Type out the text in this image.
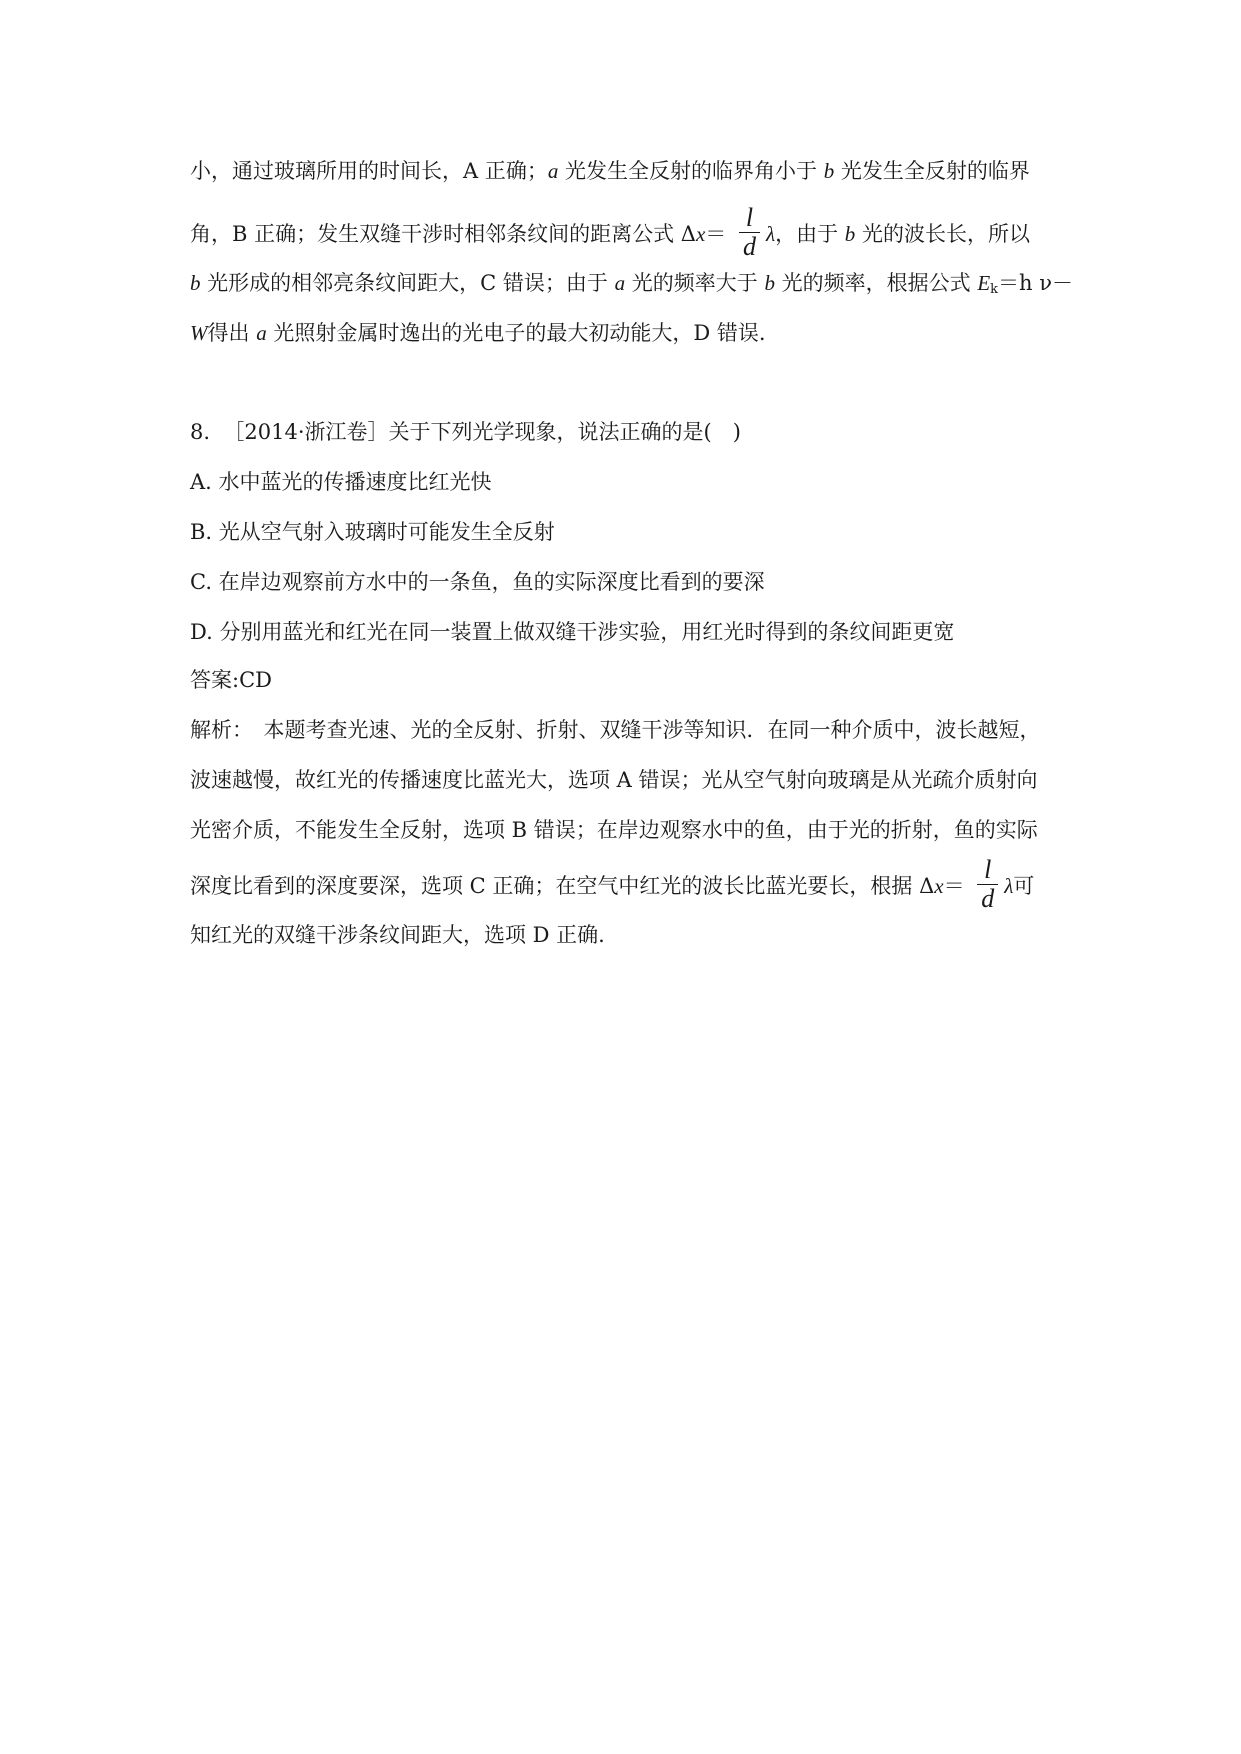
小，通过玻璃所用的时间长，A 正确；a 光发生全反射的临界角小于 b 光发生全反射的临界
角，B 正确；发生双缝干涉时相邻条纹间的距离公式 $\Delta x= \frac{l}{d}$ λ，由于 b 光的波长长，所以
b 光形成的相邻亮条纹间距大，C 错误；由于 a 光的频率大于 b 光的频率，根据公式 $E_k=h$ ν－
W得出 a 光照射金属时逸出的光电子的最大初动能大，D 错误.
8. ［2014·浙江卷］关于下列光学现象，说法正确的是(　)
A. 水中蓝光的传播速度比红光快
B. 光从空气射入玻璃时可能发生全反射
C. 在岸边观察前方水中的一条鱼，鱼的实际深度比看到的要深
D. 分别用蓝光和红光在同一装置上做双缝干涉实验，用红光时得到的条纹间距更宽
答案:CD
解析：　本题考查光速、光的全反射、折射、双缝干涉等知识．在同一种介质中，波长越短，
波速越慢，故红光的传播速度比蓝光大，选项 A 错误；光从空气射向玻璃是从光疏介质射向
光密介质，不能发生全反射，选项 B 错误；在岸边观察水中的鱼，由于光的折射，鱼的实际
深度比看到的深度要深，选项 C 正确；在空气中红光的波长比蓝光要长，根据 $\Delta x= \frac{l}{d}$ λ可
知红光的双缝干涉条纹间距大，选项 D 正确.
